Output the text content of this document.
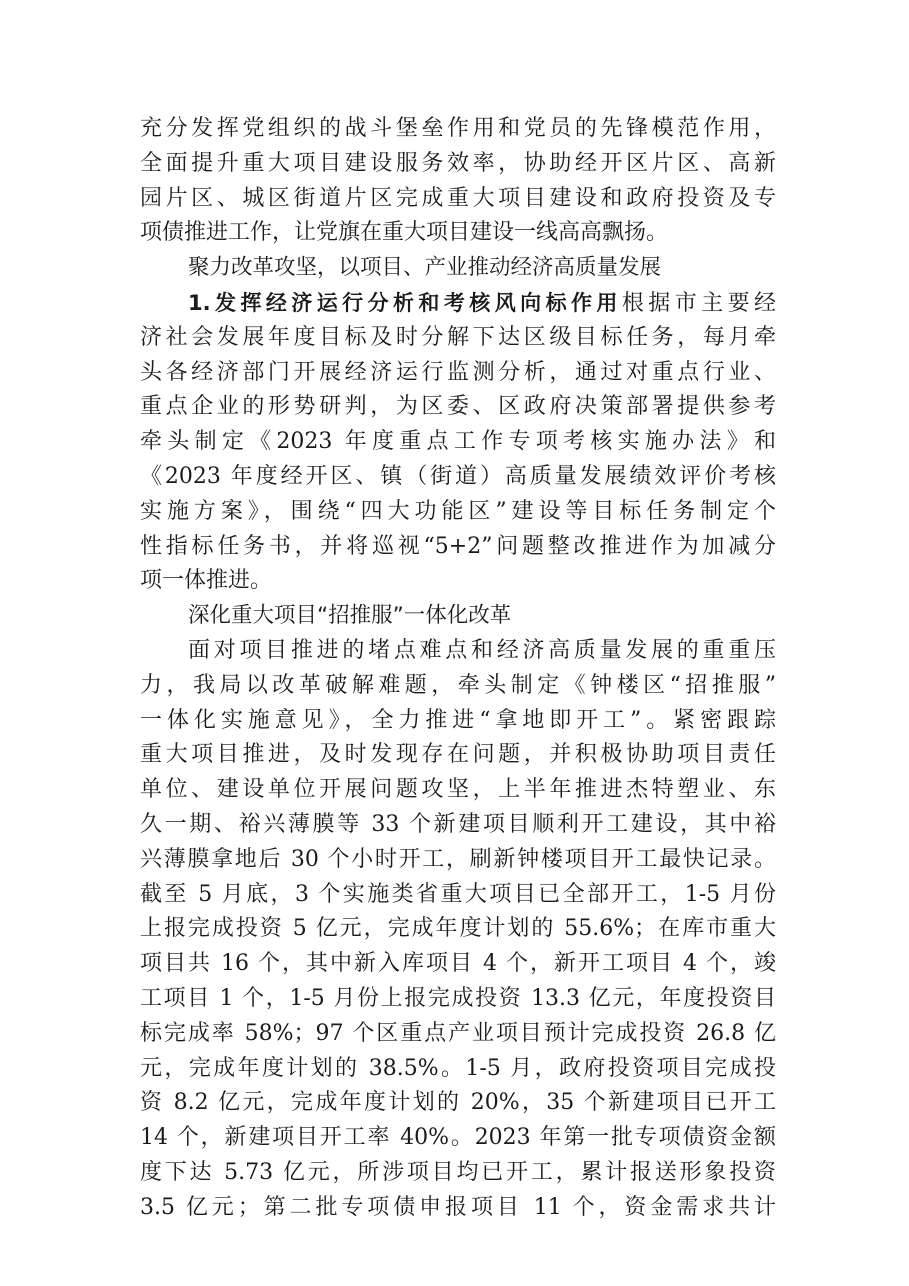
充分发挥党组织的战斗堡垒作用和党员的先锋模范作用，
全面提升重大项目建设服务效率，协助经开区片区、高新
园片区、城区街道片区完成重大项目建设和政府投资及专
项债推进工作，让党旗在重大项目建设一线高高飘扬。
聚力改革攻坚，以项目、产业推动经济高质量发展
1.发挥经济运行分析和考核风向标作用根据市主要经
济社会发展年度目标及时分解下达区级目标任务，每月牵
头各经济部门开展经济运行监测分析，通过对重点行业、
重点企业的形势研判，为区委、区政府决策部署提供参考
牵头制定《2023 年度重点工作专项考核实施办法》和
《2023 年度经开区、镇（街道）高质量发展绩效评价考核
实施方案》，围绕“四大功能区”建设等目标任务制定个
性指标任务书，并将巡视“5+2”问题整改推进作为加减分
项一体推进。
深化重大项目“招推服”一体化改革
面对项目推进的堵点难点和经济高质量发展的重重压
力，我局以改革破解难题，牵头制定《钟楼区“招推服”
一体化实施意见》，全力推进“拿地即开工”。紧密跟踪
重大项目推进，及时发现存在问题，并积极协助项目责任
单位、建设单位开展问题攻坚，上半年推进杰特塑业、东
久一期、裕兴薄膜等 33 个新建项目顺利开工建设，其中裕
兴薄膜拿地后 30 个小时开工，刷新钟楼项目开工最快记录。
截至 5 月底，3 个实施类省重大项目已全部开工，1-5 月份
上报完成投资 5 亿元，完成年度计划的 55.6%；在库市重大
项目共 16 个，其中新入库项目 4 个，新开工项目 4 个，竣
工项目 1 个，1-5 月份上报完成投资 13.3 亿元，年度投资目
标完成率 58%；97 个区重点产业项目预计完成投资 26.8 亿
元，完成年度计划的 38.5%。1-5 月，政府投资项目完成投
资 8.2 亿元，完成年度计划的 20%，35 个新建项目已开工
14 个，新建项目开工率 40%。2023 年第一批专项债资金额
度下达 5.73 亿元，所涉项目均已开工，累计报送形象投资
3.5 亿元；第二批专项债申报项目 11 个，资金需求共计
